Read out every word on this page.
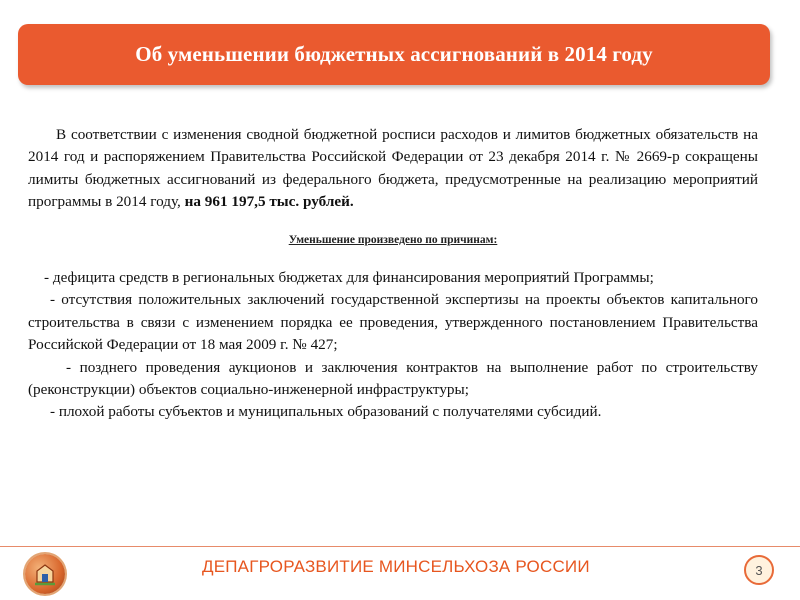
Об уменьшении бюджетных ассигнований в 2014 году

В соответствии с изменения сводной бюджетной росписи расходов и лимитов бюджетных обязательств на 2014 год и распоряжением Правительства Российской Федерации от 23 декабря 2014 г. № 2669-р сокращены лимиты бюджетных ассигнований из федерального бюджета, предусмотренные на реализацию мероприятий программы в 2014 году, на 961 197,5 тыс. рублей.

Уменьшение произведено по причинам:

- дефицита средств в региональных бюджетах для финансирования мероприятий Программы;

- отсутствия положительных заключений государственной экспертизы на проекты объектов капитального строительства в связи с изменением порядка ее проведения, утвержденного постановлением Правительства Российской Федерации от 18 мая 2009 г. № 427;

- позднего проведения аукционов и заключения контрактов на выполнение работ по строительству (реконструкции) объектов социально-инженерной инфраструктуры;

- плохой работы субъектов и муниципальных образований с получателями субсидий.

ДЕПАГРОРАЗВИТИЕ МИНСЕЛЬХОЗА РОССИИ	3
